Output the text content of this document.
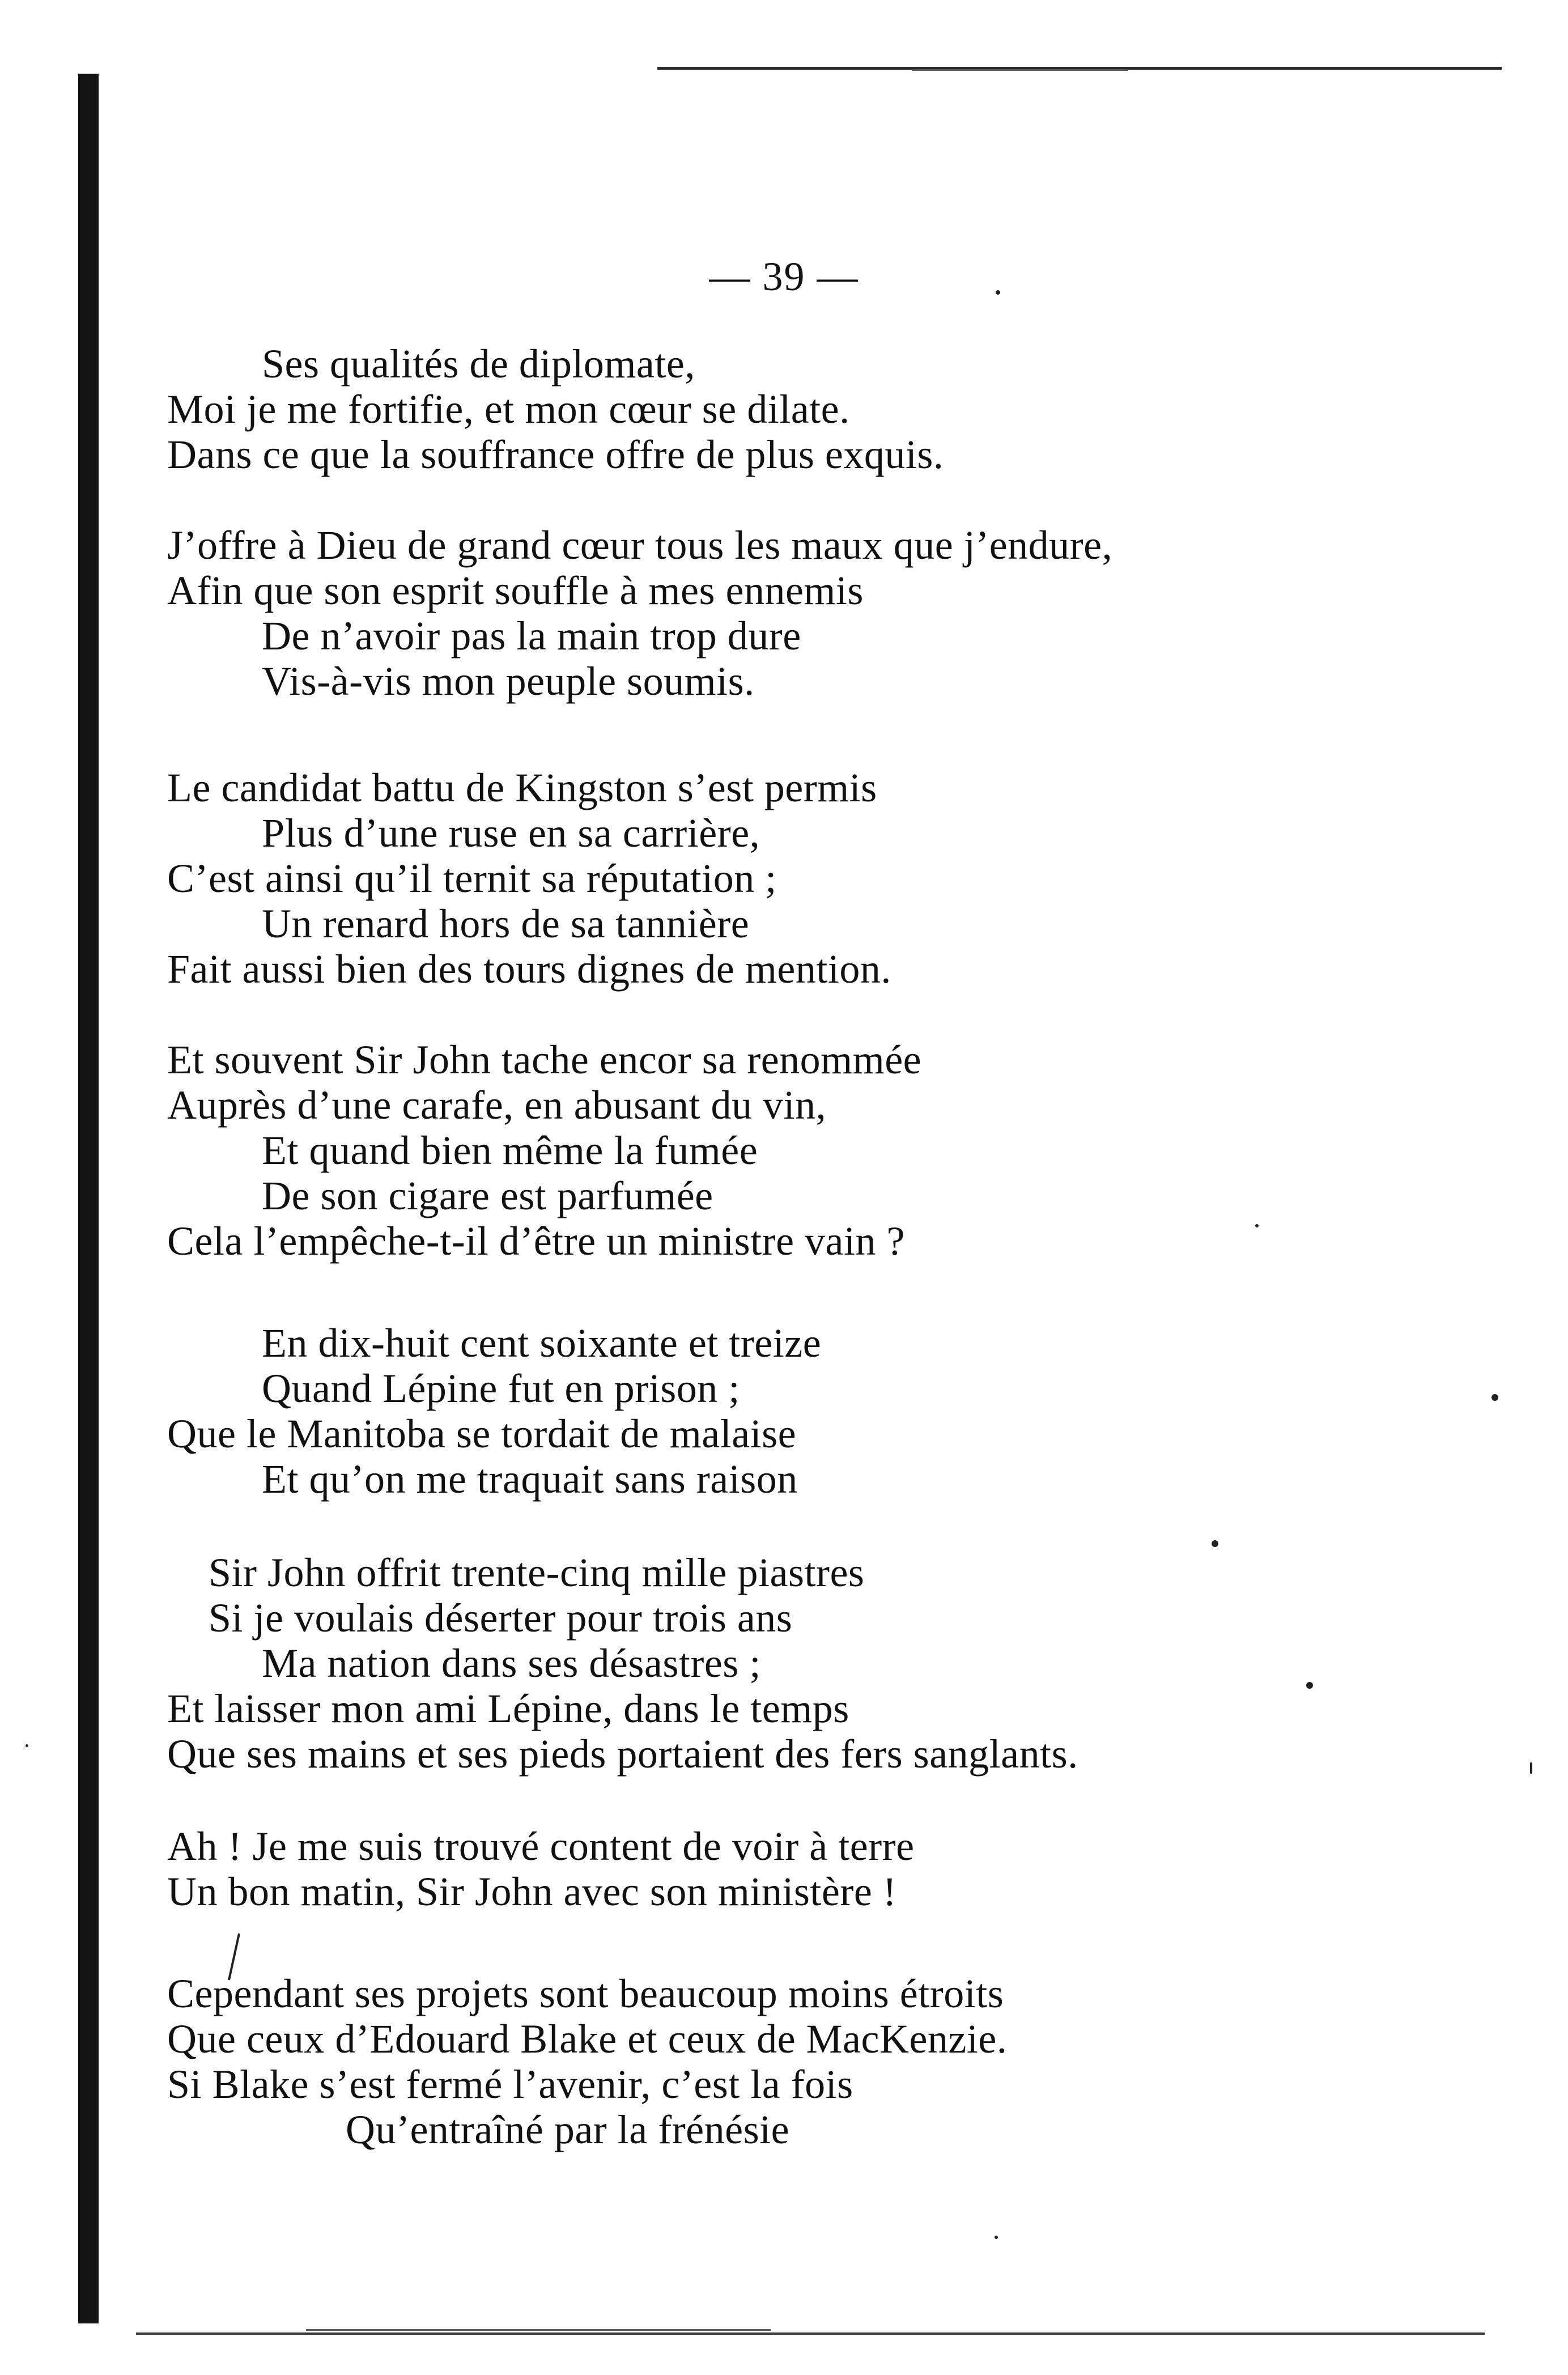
— 39 —
Ses qualités de diplomate,
Moi je me fortifie, et mon cœur se dilate.
Dans ce que la souffrance offre de plus exquis.
J’offre à Dieu de grand cœur tous les maux que j’endure,
Afin que son esprit souffle à mes ennemis
De n’avoir pas la main trop dure
Vis-à-vis mon peuple soumis.
Le candidat battu de Kingston s’est permis
Plus d’une ruse en sa carrière,
C’est ainsi qu’il ternit sa réputation ;
Un renard hors de sa tannière
Fait aussi bien des tours dignes de mention.
Et souvent Sir John tache encor sa renommée
Auprès d’une carafe, en abusant du vin,
Et quand bien même la fumée
De son cigare est parfumée
Cela l’empêche-t-il d’être un ministre vain ?
En dix-huit cent soixante et treize
Quand Lépine fut en prison ;
Que le Manitoba se tordait de malaise
Et qu’on me traquait sans raison
Sir John offrit trente-cinq mille piastres
Si je voulais déserter pour trois ans
Ma nation dans ses désastres ;
Et laisser mon ami Lépine, dans le temps
Que ses mains et ses pieds portaient des fers sanglants.
Ah ! Je me suis trouvé content de voir à terre
Un bon matin, Sir John avec son ministère !
Cependant ses projets sont beaucoup moins étroits
Que ceux d’Edouard Blake et ceux de MacKenzie.
Si Blake s’est fermé l’avenir, c’est la fois
Qu’entraîné par la frénésie
